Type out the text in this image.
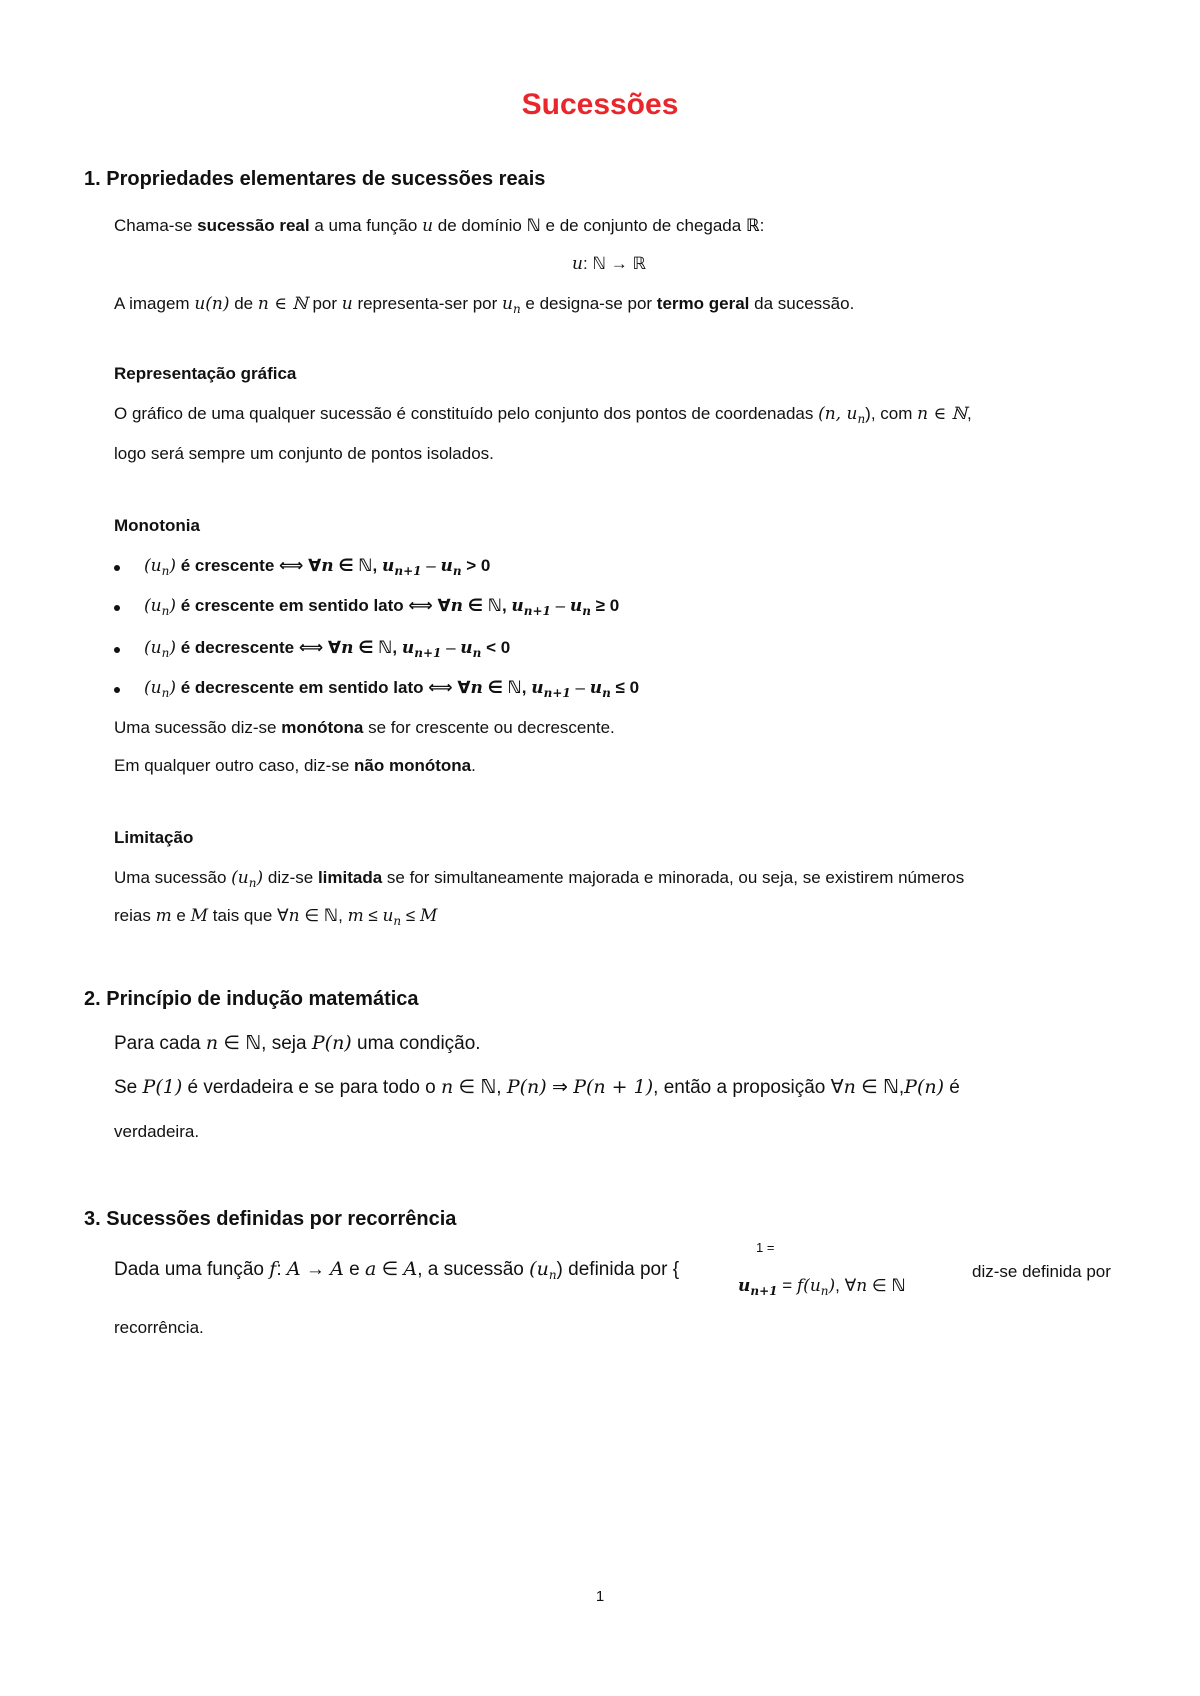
Sucessões
1. Propriedades elementares de sucessões reais
Chama-se sucessão real a uma função u de domínio ℕ e de conjunto de chegada ℝ:
u: ℕ → ℝ
A imagem u(n) de n ∈ ℕ por u representa-ser por $u_n$ e designa-se por termo geral da sucessão.
Representação gráfica
O gráfico de uma qualquer sucessão é constituído pelo conjunto dos pontos de coordenadas (n, $u_n$), com n ∈ ℕ,
logo será sempre um conjunto de pontos isolados.
Monotonia
$(u_n)$ é crescente ⟺ ∀n ∈ ℕ, $u_{n+1} - u_n > 0$
$(u_n)$ é crescente em sentido lato ⟺ ∀n ∈ ℕ, $u_{n+1} - u_n \ge 0$
$(u_n)$ é decrescente ⟺ ∀n ∈ ℕ, $u_{n+1} - u_n < 0$
$(u_n)$ é decrescente em sentido lato ⟺ ∀n ∈ ℕ, $u_{n+1} - u_n \le 0$
Uma sucessão diz-se monótona se for crescente ou decrescente.
Em qualquer outro caso, diz-se não monótona.
Limitação
Uma sucessão $(u_n)$ diz-se limitada se for simultaneamente majorada e minorada, ou seja, se existirem números
reias m e M tais que ∀n ∈ ℕ, $m \le u_n \le M$
2. Princípio de indução matemática
Para cada n ∈ ℕ, seja P(n) uma condição.
Se P(1) é verdadeira e se para todo o n ∈ ℕ, P(n) ⇒ P(n + 1), então a proposição ∀n ∈ ℕ,P(n) é
verdadeira.
3. Sucessões definidas por recorrência
Dada uma função f: A → A e a ∈ A, a sucessão $(u_n)$ definida por {
1 =
$u_{n+1} = f(u_n)$, ∀n ∈ ℕ
diz-se definida por
recorrência.
1
